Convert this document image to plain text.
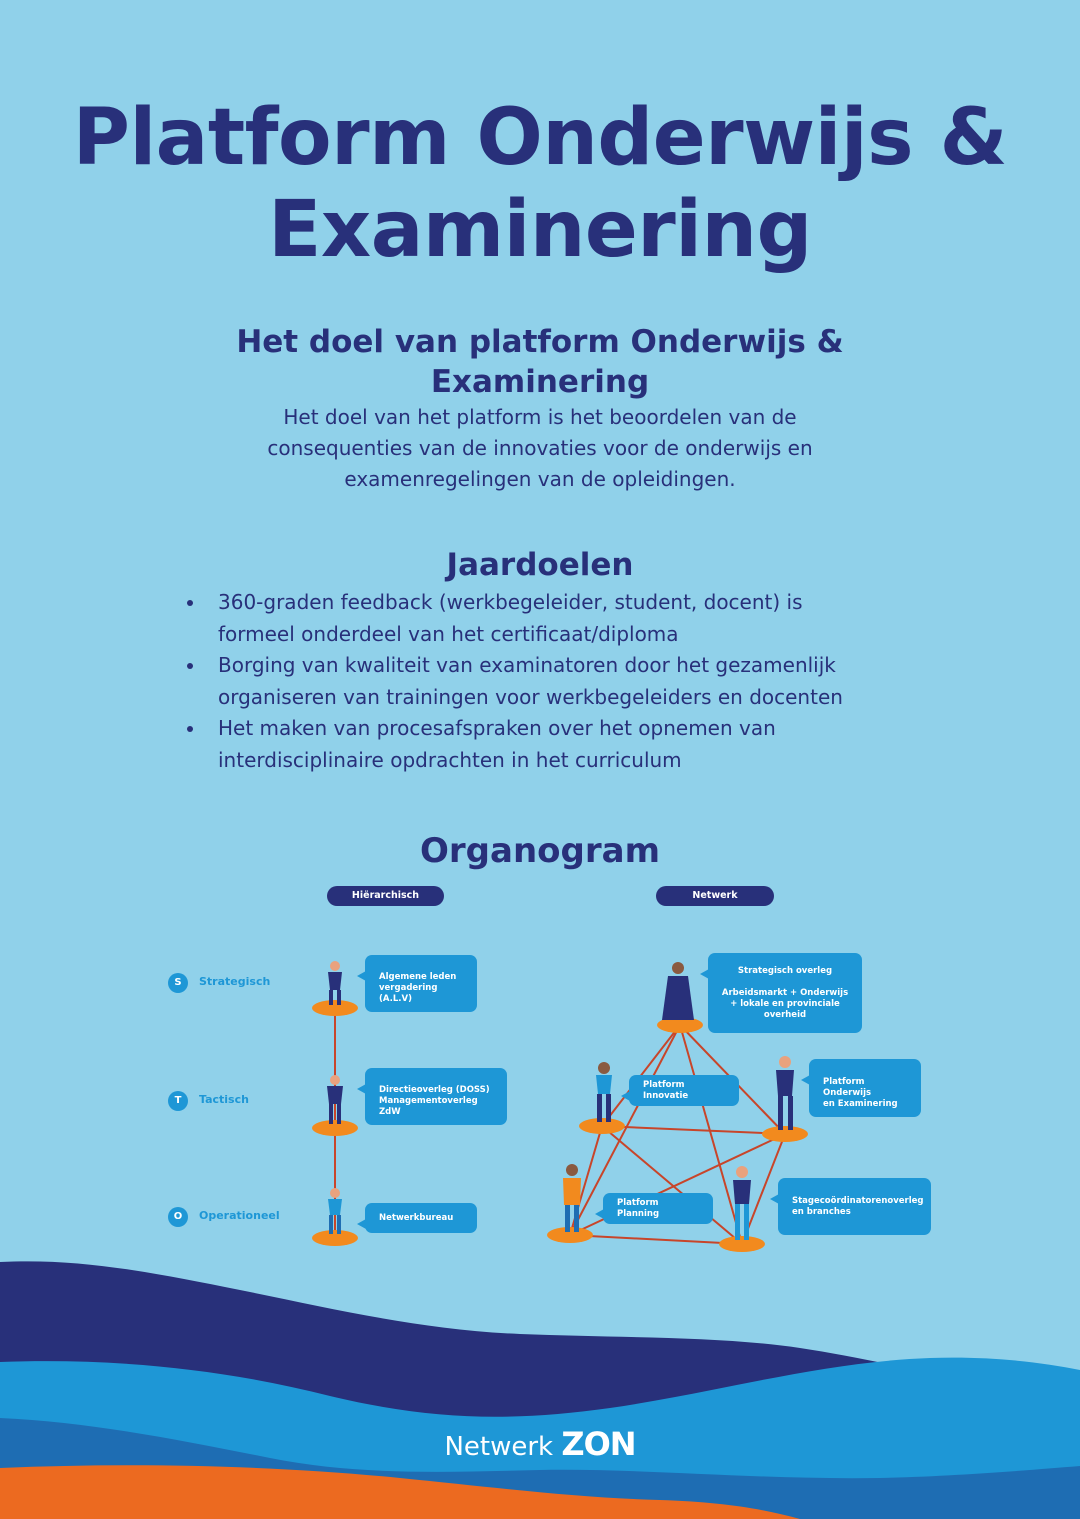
Platform Onderwijs &
Examinering
Het doel van platform Onderwijs &
Examinering

Het doel van het platform is het beoordelen van de
consequenties van de innovaties voor de onderwijs en
examenregelingen van de opleidingen.

Jaardoelen
360-graden feedback (werkbegeleider, student, docent) is
formeel onderdeel van het certificaat/diploma
Borging van kwaliteit van examinatoren door het gezamenlijk
organiseren van trainingen voor werkbegeleiders en docenten
Het maken van procesafspraken over het opnemen van
interdisciplinaire opdrachten in het curriculum
Organogram
Hiërarchisch	Netwerk
S	Strategisch
T	Tactisch
O	Operationeel
Algemene leden
vergadering (A.L.V)
Directieoverleg (DOSS)
Managementoverleg ZdW
Netwerkbureau
Strategisch overleg

Arbeidsmarkt + Onderwijs
+ lokale en provinciale
overheid
Platform Innovatie
Platform Onderwijs
en Examinering
Platform Planning
Stagecoördinatorenoverleg
en branches
Netwerk ZON
